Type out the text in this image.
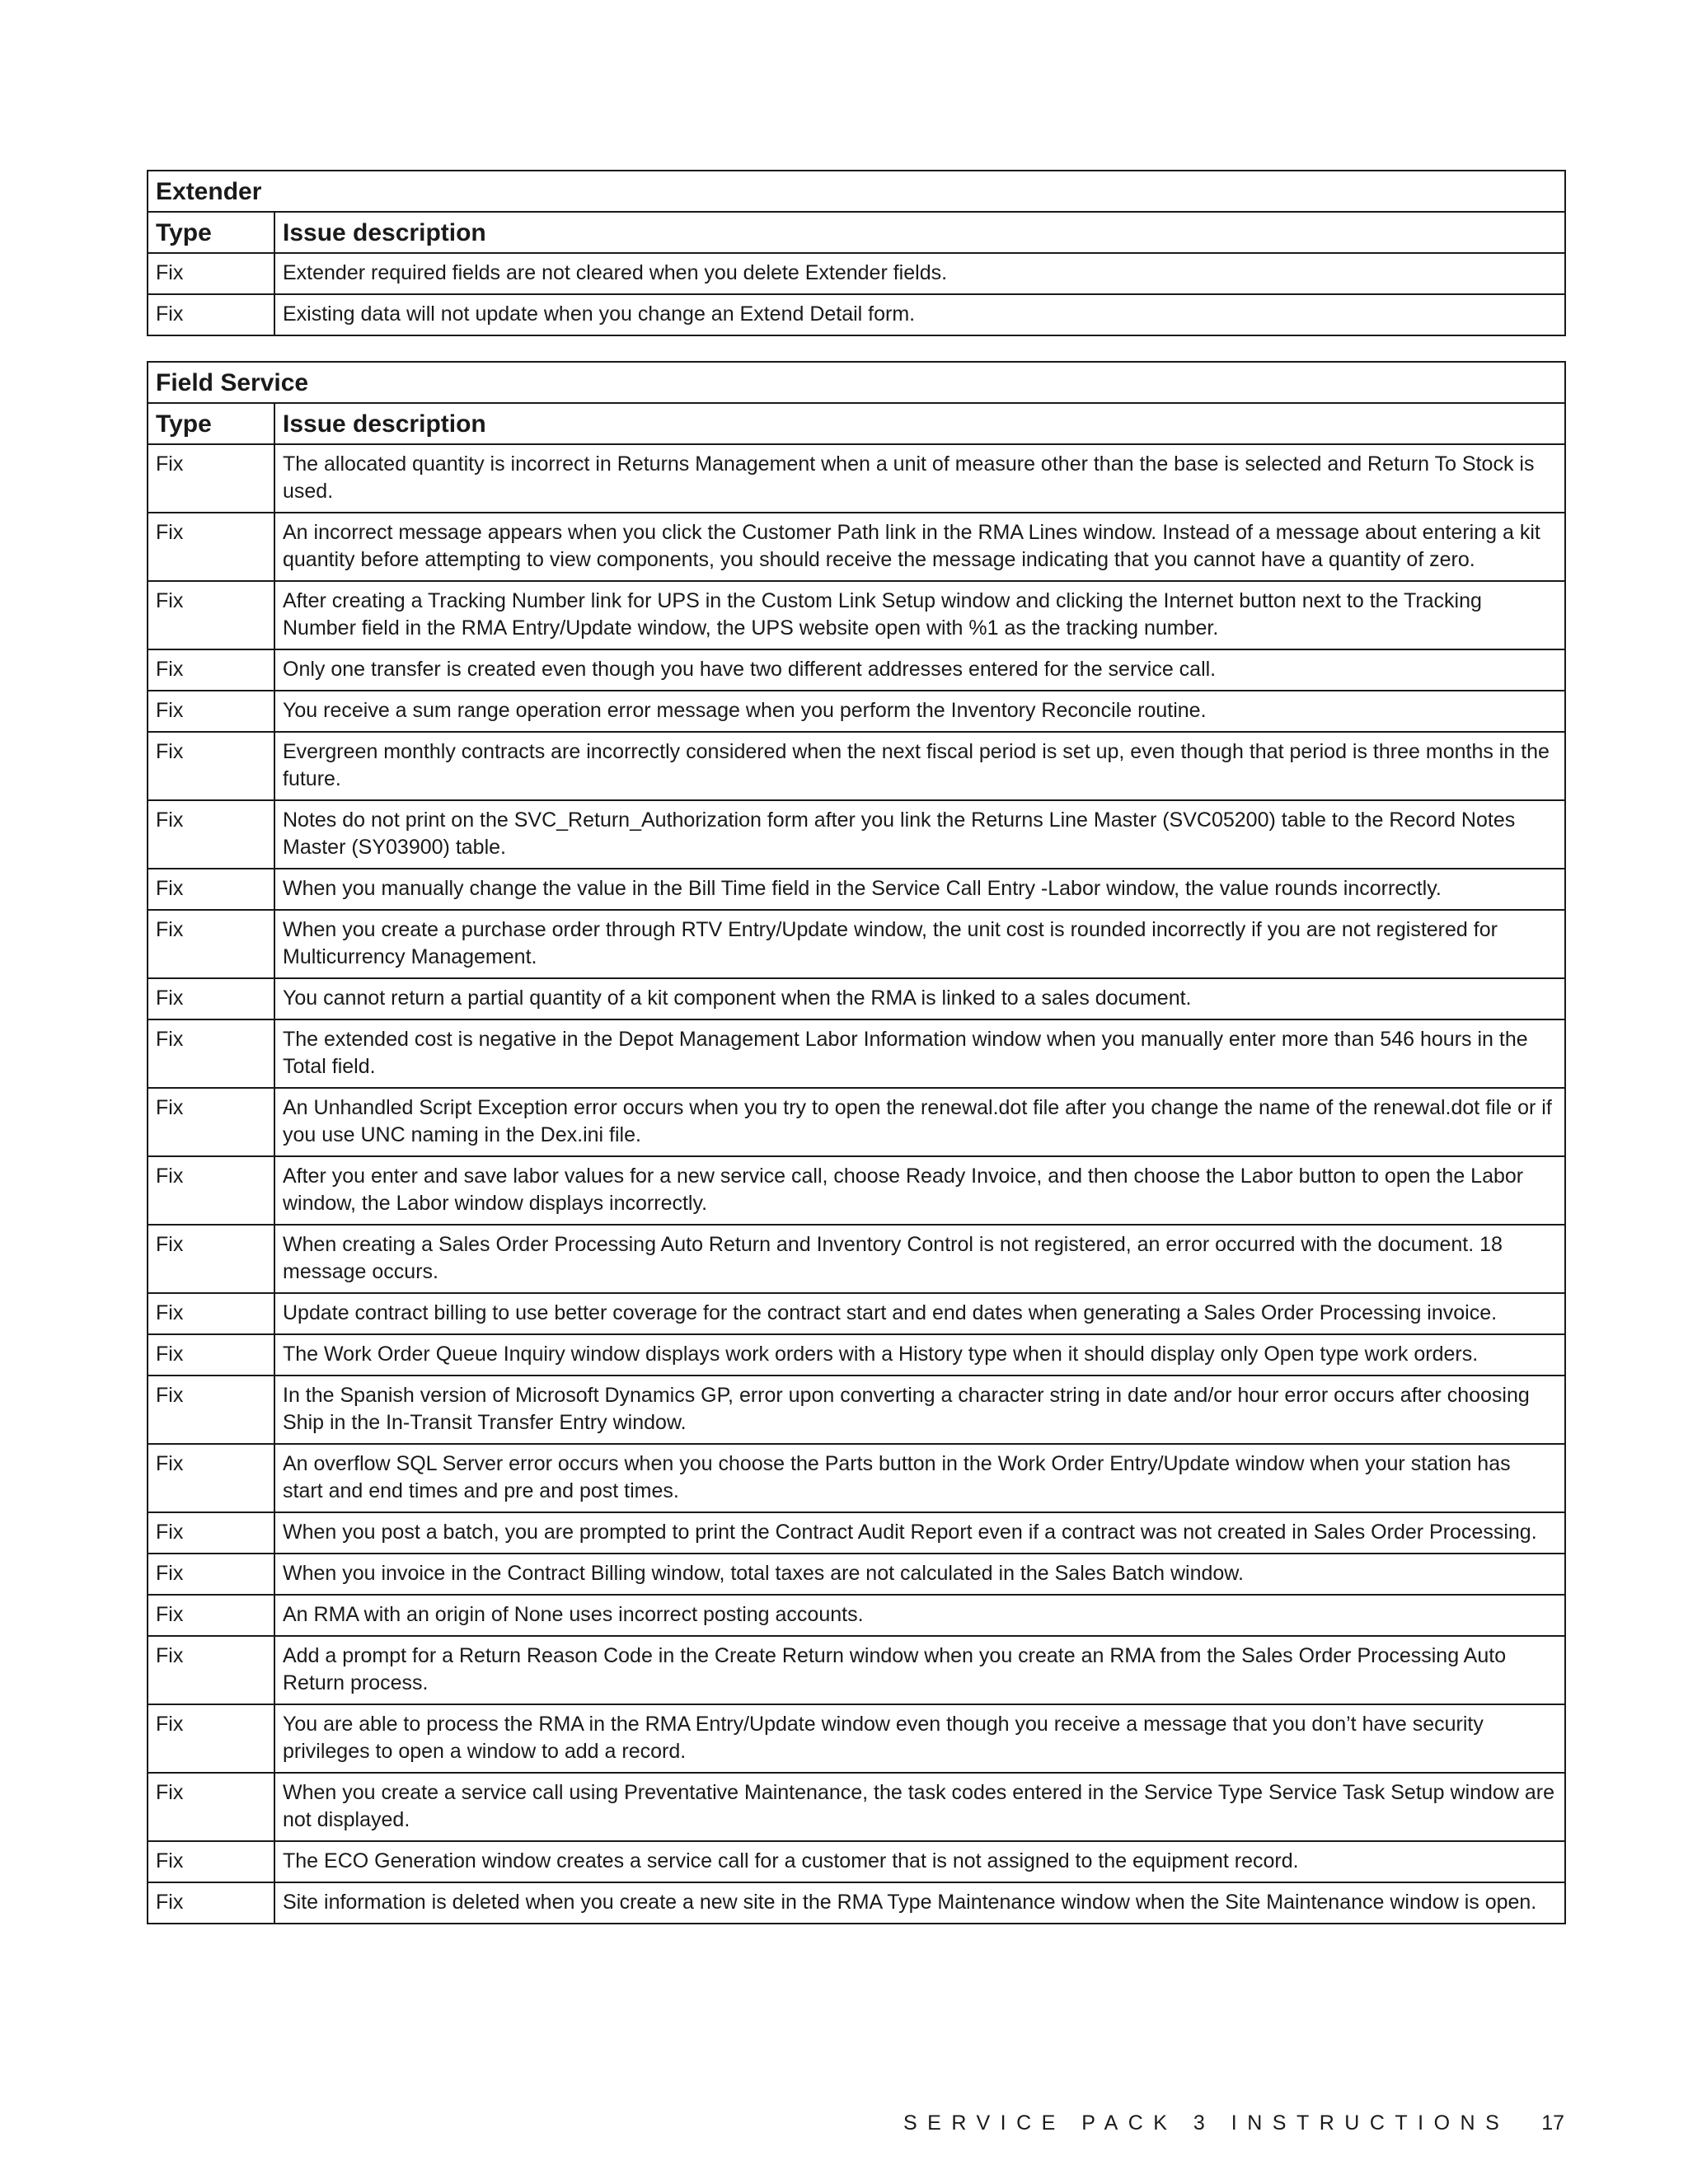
Extender	
Type	Issue description
Fix	Extender required fields are not cleared when you delete Extender fields.
Fix	Existing data will not update when you change an Extend Detail form.
Field Service	
Type	Issue description
Fix	The allocated quantity is incorrect in Returns Management when a unit of measure other than the base is selected and Return To Stock is used.
Fix	An incorrect message appears when you click the Customer Path link in the RMA Lines window. Instead of a message about entering a kit quantity before attempting to view components, you should receive the message indicating that you cannot have a quantity of zero.
Fix	After creating a Tracking Number link for UPS in the Custom Link Setup window and clicking the Internet button next to the Tracking Number field in the RMA Entry/Update window, the UPS website open with %1 as the tracking number.
Fix	Only one transfer is created even though you have two different addresses entered for the service call.
Fix	You receive a sum range operation error message when you perform the Inventory Reconcile routine.
Fix	Evergreen monthly contracts are incorrectly considered when the next fiscal period is set up, even though that period is three months in the future.
Fix	Notes do not print on the SVC_Return_Authorization form after you link the Returns Line Master (SVC05200) table to the Record Notes Master (SY03900) table.
Fix	When you manually change the value in the Bill Time field in the Service Call Entry -Labor window, the value rounds incorrectly.
Fix	When you create a purchase order through RTV Entry/Update window, the unit cost is rounded incorrectly if you are not registered for Multicurrency Management.
Fix	You cannot return a partial quantity of a kit component when the RMA is linked to a sales document.
Fix	The extended cost is negative in the Depot Management Labor Information window when you manually enter more than 546 hours in the Total field.
Fix	An Unhandled Script Exception error occurs when you try to open the renewal.dot file after you change the name of the renewal.dot file or if you use UNC naming in the Dex.ini file.
Fix	After you enter and save labor values for a new service call, choose Ready Invoice, and then choose the Labor button to open the Labor window, the Labor window displays incorrectly.
Fix	When creating a Sales Order Processing Auto Return and Inventory Control is not registered, an error occurred with the document. 18 message occurs.
Fix	Update contract billing to use better coverage for the contract start and end dates when generating a Sales Order Processing invoice.
Fix	The Work Order Queue Inquiry window displays work orders with a History type when it should display only Open type work orders.
Fix	In the Spanish version of Microsoft Dynamics GP, error upon converting a character string in date and/or hour error occurs after choosing Ship in the In-Transit Transfer Entry window.
Fix	An overflow SQL Server error occurs when you choose the Parts button in the Work Order Entry/Update window when your station has start and end times and pre and post times.
Fix	When you post a batch, you are prompted to print the Contract Audit Report even if a contract was not created in Sales Order Processing.
Fix	When you invoice in the Contract Billing window, total taxes are not calculated in the Sales Batch window.
Fix	An RMA with an origin of None uses incorrect posting accounts.
Fix	Add a prompt for a Return Reason Code in the Create Return window when you create an RMA from the Sales Order Processing Auto Return process.
Fix	You are able to process the RMA in the RMA Entry/Update window even though you receive a message that you don’t have security privileges to open a window to add a record.
Fix	When you create a service call using Preventative Maintenance, the task codes entered in the Service Type Service Task Setup window are not displayed.
Fix	The ECO Generation window creates a service call for a customer that is not assigned to the equipment record.
Fix	Site information is deleted when you create a new site in the RMA Type Maintenance window when the Site Maintenance window is open.
SERVICE PACK 3 INSTRUCTIONS 17
